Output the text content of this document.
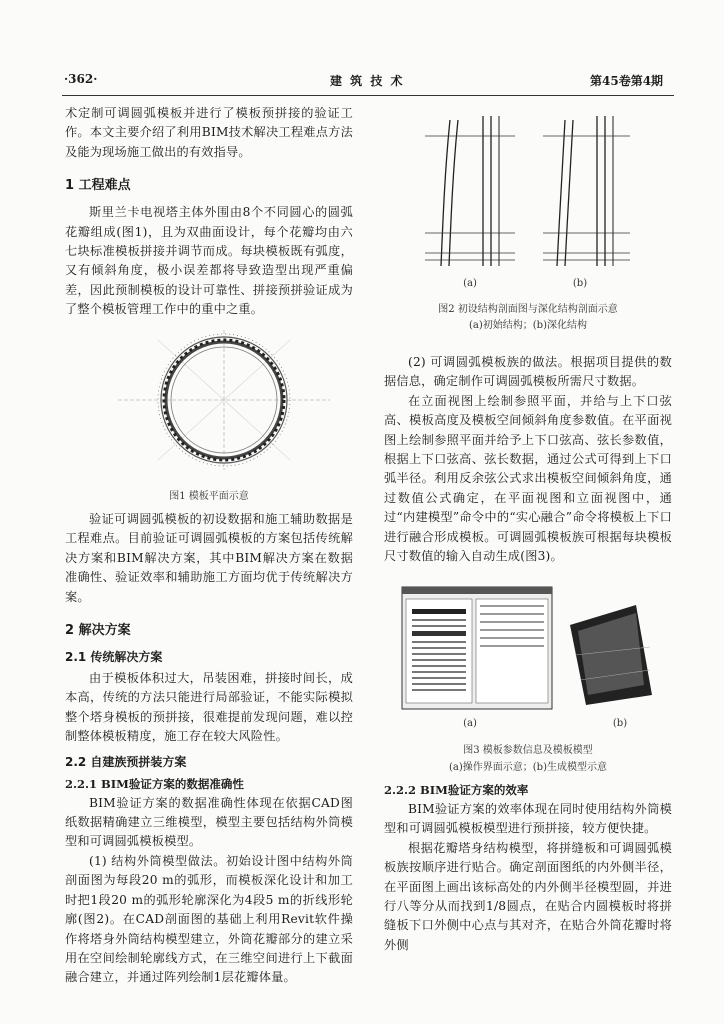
·362·	建 筑 技 术	第45卷第4期

术定制可调圆弧模板并进行了模板预拼接的验证工作。本文主要介绍了利用BIM技术解决工程难点方法及能为现场施工做出的有效指导。

1 工程难点

斯里兰卡电视塔主体外围由8个不同圆心的圆弧花瓣组成(图1)，且为双曲面设计，每个花瓣均由六七块标准模板拼接并调节而成。每块模板既有弧度，又有倾斜角度，极小误差都将导致造型出现严重偏差，因此预制模板的设计可靠性、拼接预拼验证成为了整个模板管理工作中的重中之重。

图1 模板平面示意

验证可调圆弧模板的初设数据和施工辅助数据是工程难点。目前验证可调圆弧模板的方案包括传统解决方案和BIM解决方案，其中BIM解决方案在数据准确性、验证效率和辅助施工方面均优于传统解决方案。

2 解决方案
2.1 传统解决方案

由于模板体积过大，吊装困难，拼接时间长，成本高，传统的方法只能进行局部验证，不能实际模拟整个塔身模板的预拼接，很难提前发现问题，难以控制整体模板精度，施工存在较大风险性。

2.2 自建族预拼装方案
2.2.1 BIM验证方案的数据准确性

BIM验证方案的数据准确性体现在依据CAD图纸数据精确建立三维模型，模型主要包括结构外筒模型和可调圆弧模板模型。

(1) 结构外筒模型做法。初始设计图中结构外筒剖面图为每段20 m的弧形，而模板深化设计和加工时把1段20 m的弧形轮廓深化为4段5 m的折线形轮廓(图2)。在CAD剖面图的基础上利用Revit软件操作将塔身外筒结构模型建立，外筒花瓣部分的建立采用在空间绘制轮廓线方式，在三维空间进行上下截面融合建立，并通过阵列绘制1层花瓣体量。

(a)	(b)
图2 初设结构剖面图与深化结构剖面示意
(a)初始结构；(b)深化结构

(2) 可调圆弧模板族的做法。根据项目提供的数据信息，确定制作可调圆弧模板所需尺寸数据。

在立面视图上绘制参照平面，并给与上下口弦高、模板高度及模板空间倾斜角度参数值。在平面视图上绘制参照平面并给予上下口弦高、弦长参数值，根据上下口弦高、弦长数据，通过公式可得到上下口弧半径。利用反余弦公式求出模板空间倾斜角度，通过数值公式确定，在平面视图和立面视图中，通过“内建模型”命令中的“实心融合”命令将模板上下口进行融合形成模板。可调圆弧模板族可根据每块模板尺寸数值的输入自动生成(图3)。

(a)	(b)
图3 模板参数信息及模板模型
(a)操作界面示意；(b)生成模型示意
2.2.2 BIM验证方案的效率

BIM验证方案的效率体现在同时使用结构外筒模型和可调圆弧模板模型进行预拼接，较方便快捷。

根据花瓣塔身结构模型，将拼缝板和可调圆弧模板族按顺序进行贴合。确定剖面图纸的内外侧半径，在平面图上画出该标高处的内外侧半径模型圆，并进行八等分从而找到1/8圆点，在贴合内圆模板时将拼缝板下口外侧中心点与其对齐，在贴合外筒花瓣时将外侧
